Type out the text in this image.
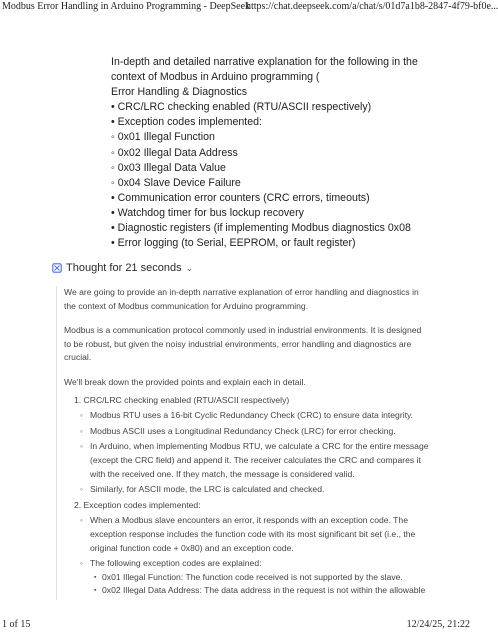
Modbus Error Handling in Arduino Programming - DeepSeek
https://chat.deepseek.com/a/chat/s/01d7a1b8-2847-4f79-bf0e...
In-depth and detailed narrative explanation for the following in the
context of Modbus in Arduino programming (
Error Handling & Diagnostics
• CRC/LRC checking enabled (RTU/ASCII respectively)
• Exception codes implemented:
◦ 0x01 Illegal Function
◦ 0x02 Illegal Data Address
◦ 0x03 Illegal Data Value
◦ 0x04 Slave Device Failure
• Communication error counters (CRC errors, timeouts)
• Watchdog timer for bus lockup recovery
• Diagnostic registers (if implementing Modbus diagnostics 0x08
• Error logging (to Serial, EEPROM, or fault register)
Thought for 21 seconds ⌄

We are going to provide an in-depth narrative explanation of error handling and diagnostics in the context of Modbus communication for Arduino programming.

Modbus is a communication protocol commonly used in industrial environments. It is designed to be robust, but given the noisy industrial environments, error handling and diagnostics are crucial.

We'll break down the provided points and explain each in detail.

1. CRC/LRC checking enabled (RTU/ASCII respectively)
◦ Modbus RTU uses a 16-bit Cyclic Redundancy Check (CRC) to ensure data integrity.
◦ Modbus ASCII uses a Longitudinal Redundancy Check (LRC) for error checking.
◦ In Arduino, when implementing Modbus RTU, we calculate a CRC for the entire message (except the CRC field) and append it. The receiver calculates the CRC and compares it with the received one. If they match, the message is considered valid.
◦ Similarly, for ASCII mode, the LRC is calculated and checked.
2. Exception codes implemented:
◦ When a Modbus slave encounters an error, it responds with an exception code. The exception response includes the function code with its most significant bit set (i.e., the original function code + 0x80) and an exception code.
◦ The following exception codes are explained:
▪ 0x01 Illegal Function: The function code received is not supported by the slave.
▪ 0x02 Illegal Data Address: The data address in the request is not within the allowable
1 of 15	12/24/25, 21:22
